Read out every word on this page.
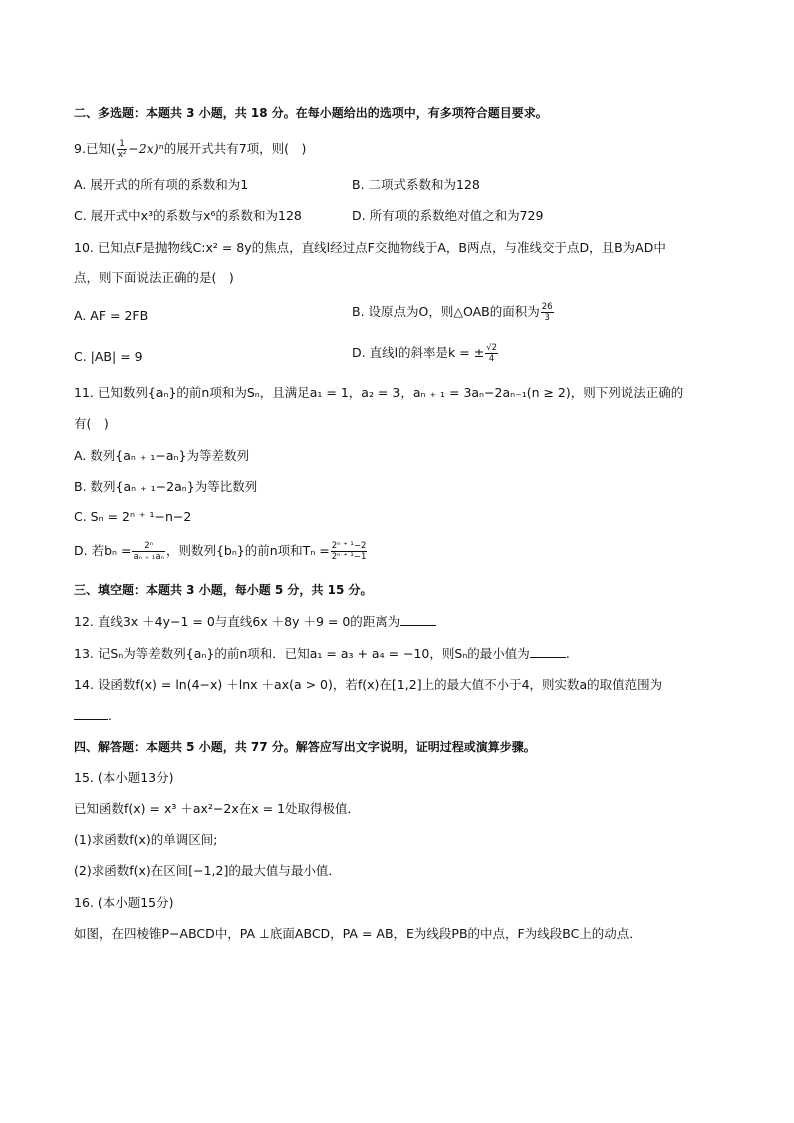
二、多选题：本题共 3 小题，共 18 分。在每小题给出的选项中，有多项符合题目要求。
9.已知( $\frac{1}{\text{x²}} -2x)^n$的展开式共有7项，则(　)
A. 展开式的所有项的系数和为1	B. 二项式系数和为128
C. 展开式中x³的系数与x⁶的系数和为128	D. 所有项的系数绝对值之和为729
10. 已知点F是抛物线C:x² = 8y的焦点，直线l经过点F交抛物线于A，B两点，与准线交于点D，且B为AD中
点，则下面说法正确的是(　)
A. AF = 2FB	B. 设原点为O，则△OAB的面积为 $\frac{26}{3}$
C. |AB| = 9	D. 直线l的斜率是k = ± $\frac{√2}{4}$
11. 已知数列{aₙ}的前n项和为Sₙ，且满足a₁ = 1，a₂ = 3，aₙ ₊ ₁ = 3aₙ−2aₙ₋₁(n ≥ 2)，则下列说法正确的
有(　)
A. 数列{aₙ ₊ ₁−aₙ}为等差数列
B. 数列{aₙ ₊ ₁−2aₙ}为等比数列
C. Sₙ = 2ⁿ ⁺ ¹−n−2
D. 若$b_n = \frac{\text{2ⁿ}}{\text{aₙ ₊ ₁aₙ}}$ ，则数列{bₙ}的前n项和$T_n = \frac{\text{2ⁿ ⁺ ¹−2}}{\text{2ⁿ ⁺ ¹−1}}$
三、填空题：本题共 3 小题，每小题 5 分，共 15 分。
12. 直线3x ＋4y−1 = 0与直线6x ＋8y ＋9 = 0的距离为
13. 记Sₙ为等差数列{aₙ}的前n项和．已知a₁ = a₃ + a₄ = −10，则Sₙ的最小值为	.
14. 设函数f(x) = ln(4−x) ＋lnx ＋ax(a > 0)，若f(x)在[1,2]上的最大值不小于4，则实数a的取值范围为
.
四、解答题：本题共 5 小题，共 77 分。解答应写出文字说明，证明过程或演算步骤。
15. (本小题13分)
已知函数f(x) = x³ ＋ax²−2x在x = 1处取得极值．
(1)求函数f(x)的单调区间;
(2)求函数f(x)在区间[−1,2]的最大值与最小值．
16. (本小题15分)
如图，在四棱锥P−ABCD中，PA ⊥底面ABCD，PA = AB，E为线段PB的中点，F为线段BC上的动点．
